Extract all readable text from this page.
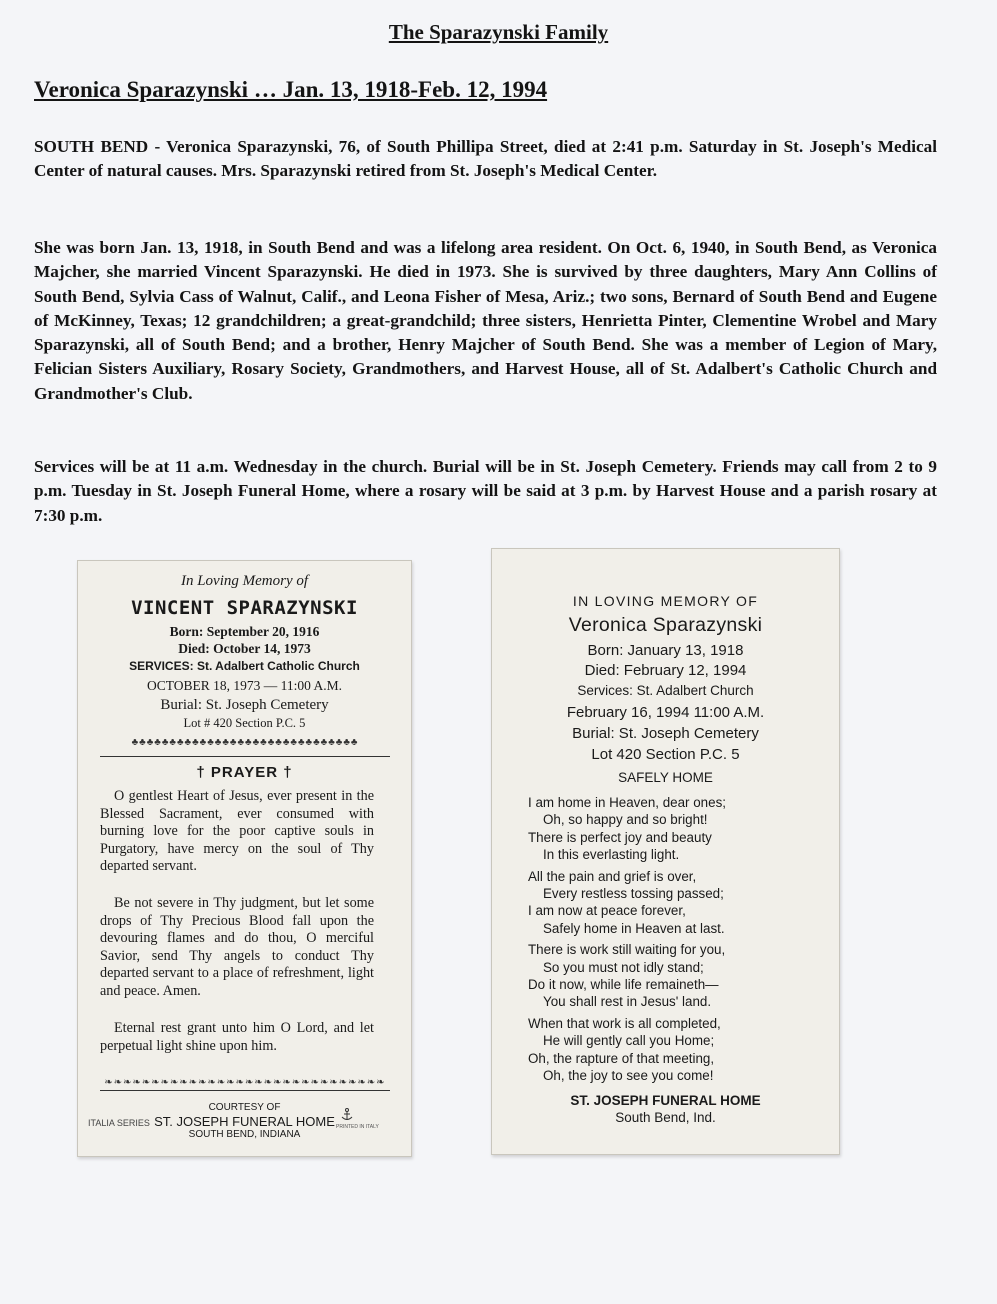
The Sparazynski Family
Veronica Sparazynski … Jan. 13, 1918-Feb. 12, 1994

SOUTH BEND - Veronica Sparazynski, 76, of South Phillipa Street, died at 2:41 p.m. Saturday in St. Joseph's Medical Center of natural causes. Mrs. Sparazynski retired from St. Joseph's Medical Center.

She was born Jan. 13, 1918, in South Bend and was a lifelong area resident. On Oct. 6, 1940, in South Bend, as Veronica Majcher, she married Vincent Sparazynski. He died in 1973. She is survived by three daughters, Mary Ann Collins of South Bend, Sylvia Cass of Walnut, Calif., and Leona Fisher of Mesa, Ariz.; two sons, Bernard of South Bend and Eugene of McKinney, Texas; 12 grandchildren; a great-grandchild; three sisters, Henrietta Pinter, Clementine Wrobel and Mary Sparazynski, all of South Bend; and a brother, Henry Majcher of South Bend. She was a member of Legion of Mary, Felician Sisters Auxiliary, Rosary Society, Grandmothers, and Harvest House, all of St. Adalbert's Catholic Church and Grandmother's Club.

Services will be at 11 a.m. Wednesday in the church. Burial will be in St. Joseph Cemetery. Friends may call from 2 to 9 p.m. Tuesday in St. Joseph Funeral Home, where a rosary will be said at 3 p.m. by Harvest House and a parish rosary at 7:30 p.m.

In Loving Memory of
VINCENT SPARAZYNSKI
Born: September 20, 1916
Died: October 14, 1973
SERVICES: St. Adalbert Catholic Church
OCTOBER 18, 1973 — 11:00 A.M.
Burial: St. Joseph Cemetery
Lot # 420 Section P.C. 5
♣♣♣♣♣♣♣♣♣♣♣♣♣♣♣♣♣♣♣♣♣♣♣♣♣♣♣♣♣♣
† PRAYER †

O gentlest Heart of Jesus, ever present in the Blessed Sacrament, ever consumed with burning love for the poor captive souls in Purgatory, have mercy on the soul of Thy departed servant.

Be not severe in Thy judgment, but let some drops of Thy Precious Blood fall upon the devouring flames and do thou, O merciful Savior, send Thy angels to conduct Thy departed servant to a place of refreshment, light and peace. Amen.

Eternal rest grant unto him O Lord, and let perpetual light shine upon him.

❧❧❧❧❧❧❧❧❧❧❧❧❧❧❧❧❧❧❧❧❧❧❧❧❧❧❧❧❧❧
COURTESY OF
ST. JOSEPH FUNERAL HOME
SOUTH BEND, INDIANA
ITALIA SERIES	PRINTED IN ITALY
IN LOVING MEMORY OF
Veronica Sparazynski
Born: January 13, 1918
Died: February 12, 1994
Services: St. Adalbert Church
February 16, 1994 11:00 A.M.
Burial: St. Joseph Cemetery
Lot 420 Section P.C. 5
SAFELY HOME
I am home in Heaven, dear ones;
Oh, so happy and so bright!
There is perfect joy and beauty
In this everlasting light.
All the pain and grief is over,
Every restless tossing passed;
I am now at peace forever,
Safely home in Heaven at last.
There is work still waiting for you,
So you must not idly stand;
Do it now, while life remaineth—
You shall rest in Jesus' land.
When that work is all completed,
He will gently call you Home;
Oh, the rapture of that meeting,
Oh, the joy to see you come!
ST. JOSEPH FUNERAL HOME
South Bend, Ind.
